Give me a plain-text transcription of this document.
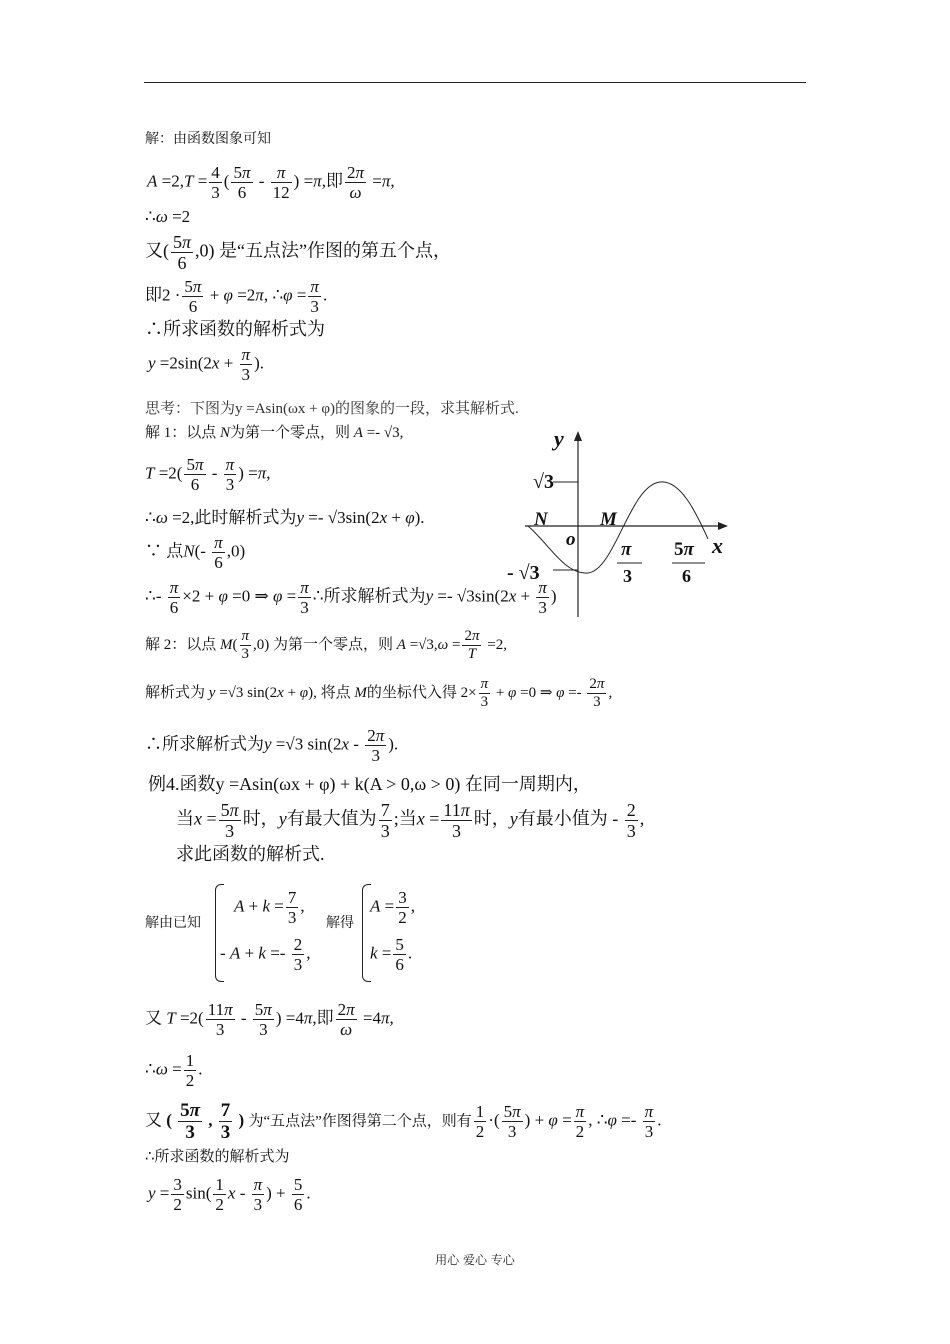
解：由函数图象可知
$A =2,T = \frac{4}{3}$ ( $\frac{5\pi}{6} - \frac{\pi}{12}$ ) =π,即 $\frac{2\pi}{\omega} =\pi$,
∴ω =2
又( $\frac{5\pi}{6} ,0$) 是“五点法”作图的第五个点，
即$2 \cdot \frac{5\pi}{6} + \varphi =2\pi$, ∴φ = $\frac{\pi}{3}$ .
∴所求函数的解析式为
$y =2\sin(2x + \frac{\pi}{3}$ ).
思考：下图为y =Asin(ωx + φ)的图象的一段，求其解析式.
解 1：以点 N为第一个零点，则 A =- √3,
$T =2( \frac{5\pi}{6} - \frac{\pi}{3}$ ) =π,
∴ω =2,此时解析式为y =- √3sin(2x + φ).
∵ 点$N(- \frac{\pi}{6} ,0)$
∴- $\frac{\pi}{6} \times 2 + \varphi =0$ ⇒ $\varphi = \frac{\pi}{3}$ ∴所求解析式为$y =- √3\sin(2x + \frac{\pi}{3}$ )
解 2：以点 $M( \frac{\pi}{3} ,0)$ 为第一个零点，则 $A =√3,\omega = \frac{2\pi}{T} =2$,
解析式为 y =√3 sin(2x + φ), 将点 M的坐标代入得 $2\times \frac{\pi}{3} + \varphi =0$ ⇒ $\varphi =- \frac{2\pi}{3}$ ,
∴所求解析式为y =√3 $\sin(2x - \frac{2\pi}{3}$ ).
y
x
√3
- √3
N	M
o π
3
5π
6
例4.函数y =Asin(ωx + φ) + k(A > 0,ω > 0) 在同一周期内，
当$x = \frac{5\pi}{3}$ 时，y有最大值为 $\frac{7}{3}$ ;当$x = \frac{11\pi}{3}$ 时，y有最小值为 - $\frac{2}{3}$ ,
求此函数的解析式.
解由已知
$A + k = \frac{7}{3}$ ,
- $A + k =- \frac{2}{3}$ ,
解得
$A = \frac{3}{2}$ ,
$k = \frac{5}{6}$ .
又 $T =2( \frac{11\pi}{3} - \frac{5\pi}{3}$ ) =4π,即 $\frac{2\pi}{\omega} =4\pi$,
∴ω = $\frac{1}{2}$ .
又 ( $\frac{5\pi}{3}$ , $\frac{7}{3}$ ) 为“五点法”作图得第二个点，则有 $\frac{1}{2}$ ·( $\frac{5\pi}{3}$ ) + $\varphi = \frac{\pi}{2}$ , ∴φ =- $\frac{\pi}{3}$ .
∴所求函数的解析式为
$y = \frac{3}{2} \sin( \frac{1}{2}$ x - $\frac{\pi}{3}$ ) + $\frac{5}{6}$ .
用心 爱心 专心
